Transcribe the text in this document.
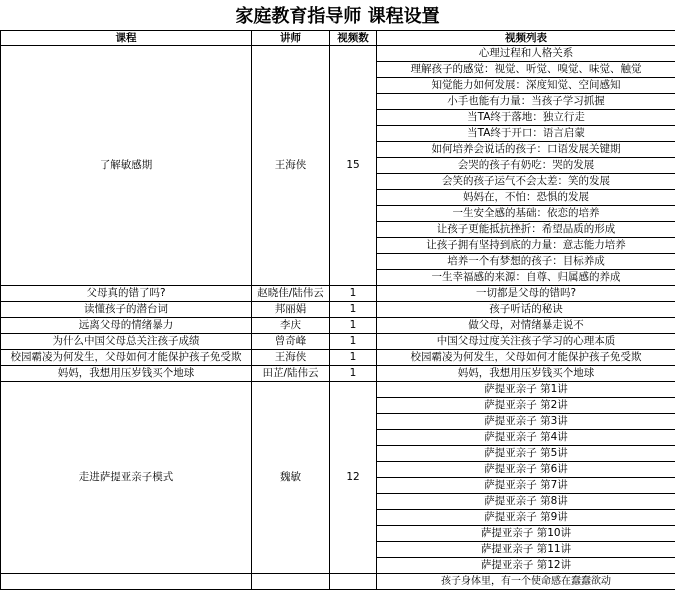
家庭教育指导师 课程设置
课程	讲师	视频数	视频列表
了解敏感期	王海侠	15	心理过程和人格关系
			理解孩子的感觉：视觉、听觉、嗅觉、味觉、触觉
			知觉能力如何发展：深度知觉、空间感知
			小手也能有力量：当孩子学习抓握
			当TA终于落地：独立行走
			当TA终于开口：语言启蒙
			如何培养会说话的孩子：口语发展关键期
			会哭的孩子有奶吃：哭的发展
			会笑的孩子运气不会太差：笑的发展
			妈妈在，不怕：恐惧的发展
			一生安全感的基础：依恋的培养
			让孩子更能抵抗挫折：希望品质的形成
			让孩子拥有坚持到底的力量：意志能力培养
			培养一个有梦想的孩子：目标养成
			一生幸福感的来源：自尊、归属感的养成
父母真的错了吗?	赵晓佳/陆伟云	1	一切都是父母的错吗?
读懂孩子的潜台词	邦丽娟	1	孩子听话的秘诀
远离父母的情绪暴力	李庆	1	做父母，对情绪暴走说不
为什么中国父母总关注孩子成绩	曾奇峰	1	中国父母过度关注孩子学习的心理本质
校园霸凌为何发生，父母如何才能保护孩子免受欺	王海侠	1	校园霸凌为何发生，父母如何才能保护孩子免受欺
妈妈，我想用压岁钱买个地球	田芷/陆伟云	1	妈妈，我想用压岁钱买个地球
走进萨提亚亲子模式	魏敏	12	萨提亚亲子 第1讲
			萨提亚亲子 第2讲
			萨提亚亲子 第3讲
			萨提亚亲子 第4讲
			萨提亚亲子 第5讲
			萨提亚亲子 第6讲
			萨提亚亲子 第7讲
			萨提亚亲子 第8讲
			萨提亚亲子 第9讲
			萨提亚亲子 第10讲
			萨提亚亲子 第11讲
			萨提亚亲子 第12讲
			孩子身体里，有一个使命感在蠢蠢欲动
